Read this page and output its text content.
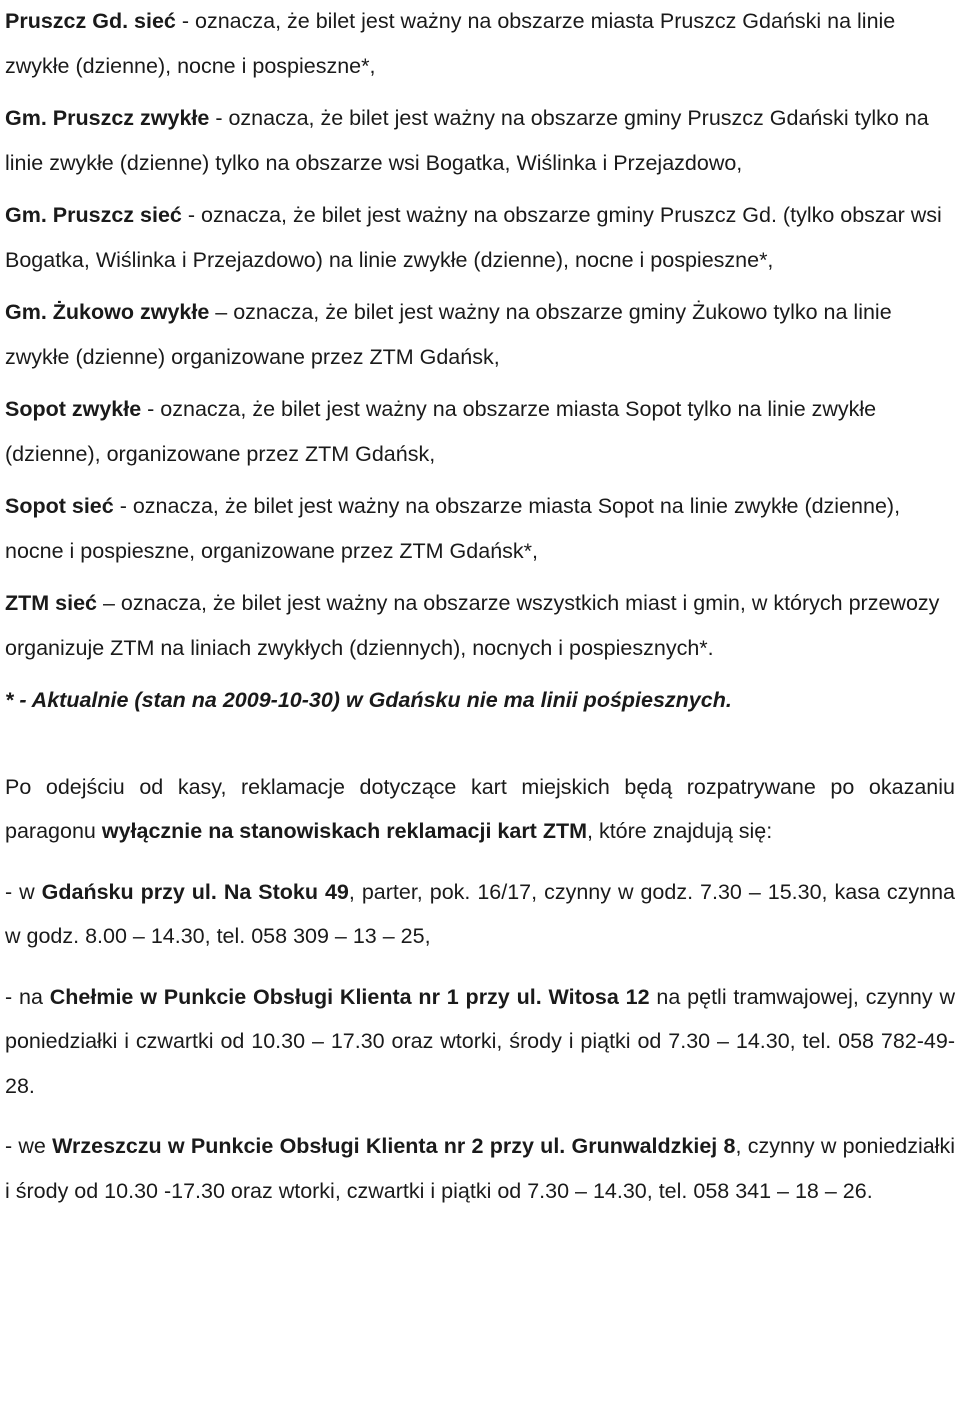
Pruszcz Gd. sieć - oznacza, że bilet jest ważny na obszarze miasta Pruszcz Gdański na linie zwykłe (dzienne), nocne i pospieszne*,

Gm. Pruszcz zwykłe - oznacza, że bilet jest ważny na obszarze gminy Pruszcz Gdański tylko na linie zwykłe (dzienne) tylko na obszarze wsi Bogatka, Wiślinka i Przejazdowo,

Gm. Pruszcz sieć - oznacza, że bilet jest ważny na obszarze gminy Pruszcz Gd. (tylko obszar wsi Bogatka, Wiślinka i Przejazdowo) na linie zwykłe (dzienne), nocne i pospieszne*,

Gm. Żukowo zwykłe – oznacza, że bilet jest ważny na obszarze gminy Żukowo tylko na linie zwykłe (dzienne) organizowane przez ZTM Gdańsk,

Sopot zwykłe - oznacza, że bilet jest ważny na obszarze miasta Sopot tylko na linie zwykłe (dzienne), organizowane przez ZTM Gdańsk,

Sopot sieć - oznacza, że bilet jest ważny na obszarze miasta Sopot na linie zwykłe (dzienne), nocne i pospieszne, organizowane przez ZTM Gdańsk*,

ZTM sieć – oznacza, że bilet jest ważny na obszarze wszystkich miast i gmin, w których przewozy organizuje ZTM na liniach zwykłych (dziennych), nocnych i pospiesznych*.

* - Aktualnie (stan na 2009-10-30) w Gdańsku nie ma linii pośpiesznych.

Po odejściu od kasy, reklamacje dotyczące kart miejskich będą rozpatrywane po okazaniu paragonu wyłącznie na stanowiskach reklamacji kart ZTM, które znajdują się:

- w Gdańsku przy ul. Na Stoku 49, parter, pok. 16/17, czynny w godz. 7.30 – 15.30, kasa czynna w godz. 8.00 – 14.30, tel. 058 309 – 13 – 25,

- na Chełmie w Punkcie Obsługi Klienta nr 1 przy ul. Witosa 12 na pętli tramwajowej, czynny w poniedziałki i czwartki od 10.30 – 17.30 oraz wtorki, środy i piątki od 7.30 – 14.30, tel. 058 782-49-28.

- we Wrzeszczu w Punkcie Obsługi Klienta nr 2 przy ul. Grunwaldzkiej 8, czynny w poniedziałki i środy od 10.30 -17.30 oraz wtorki, czwartki i piątki od 7.30 – 14.30, tel. 058 341 – 18 – 26.
